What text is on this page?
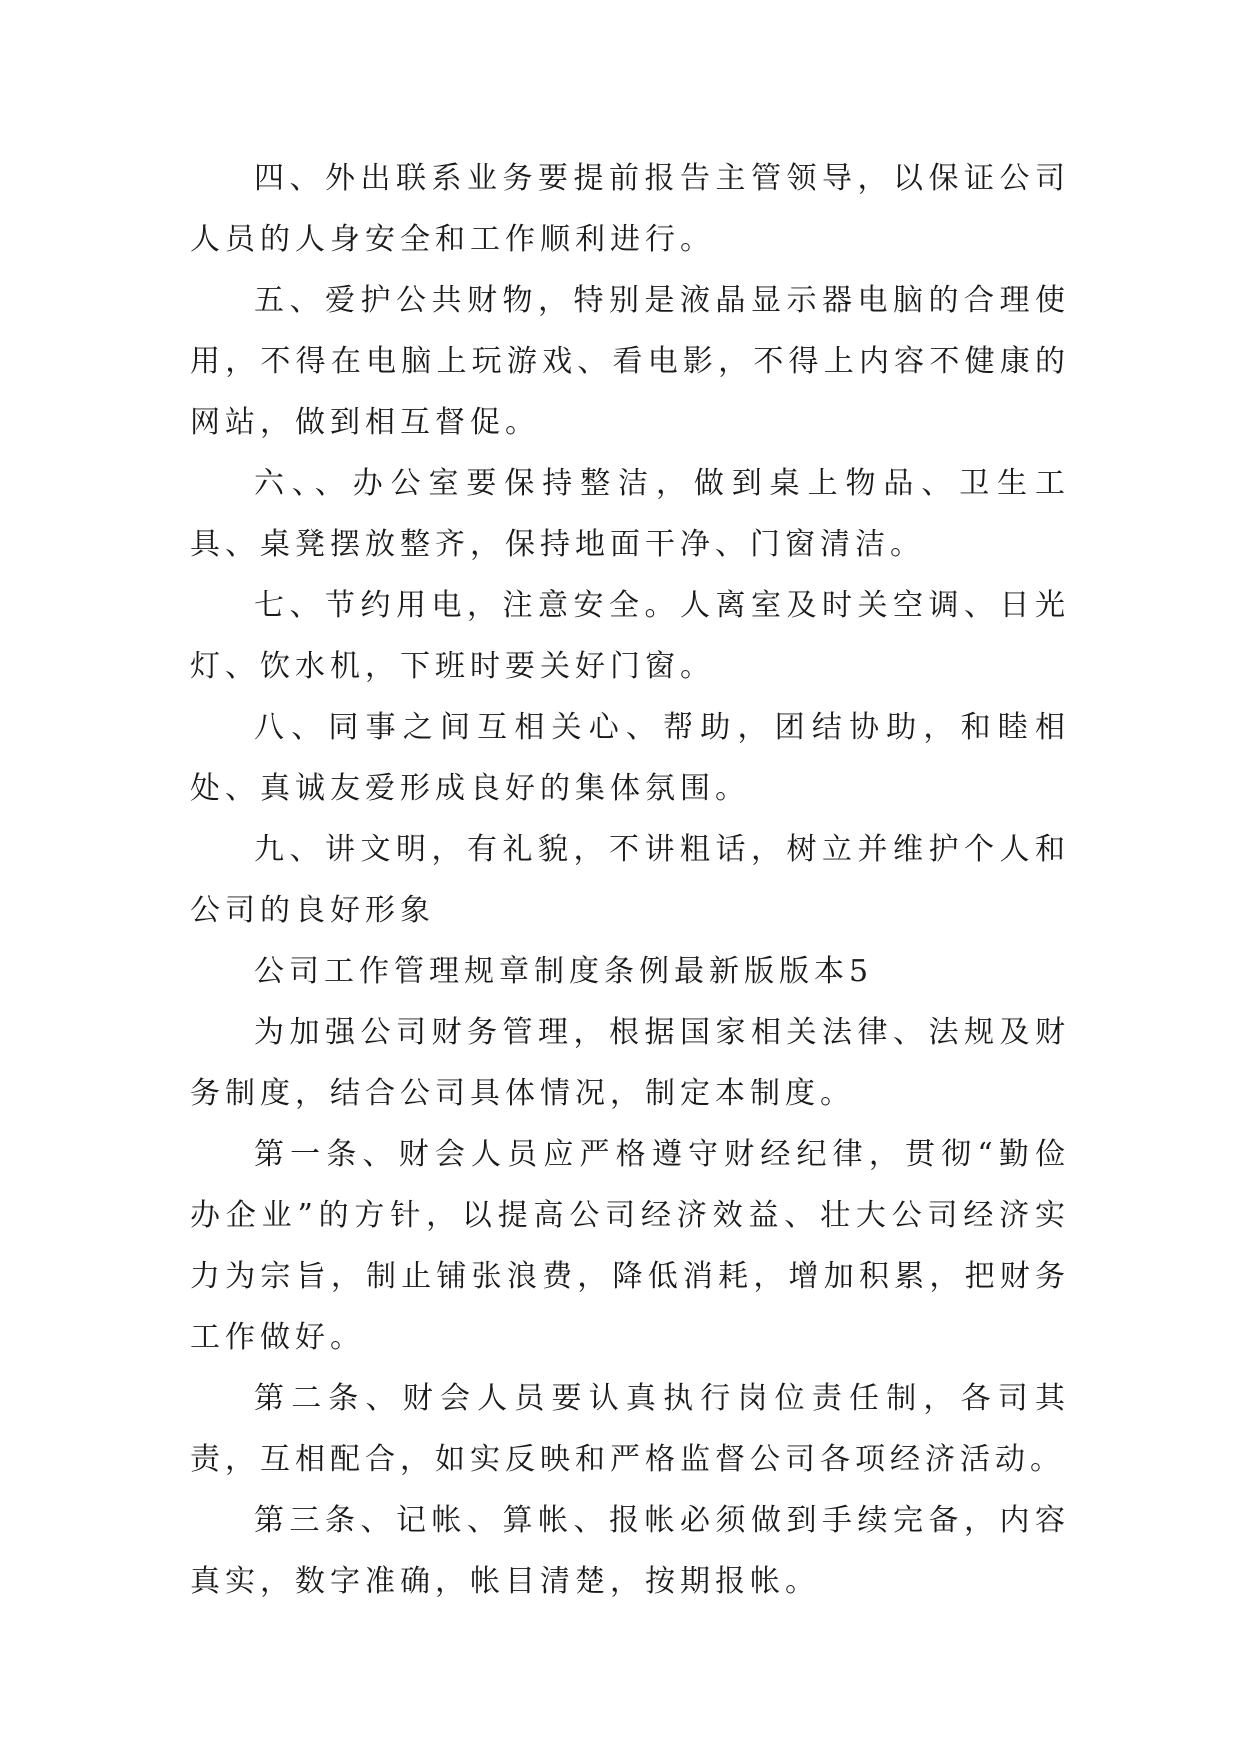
四、外出联系业务要提前报告主管领导，以保证公司人员的人身安全和工作顺利进行。

五、爱护公共财物，特别是液晶显示器电脑的合理使用，不得在电脑上玩游戏、看电影，不得上内容不健康的网站，做到相互督促。

六、、办公室要保持整洁，做到桌上物品、卫生工具、桌凳摆放整齐，保持地面干净、门窗清洁。

七、节约用电，注意安全。人离室及时关空调、日光灯、饮水机，下班时要关好门窗。

八、同事之间互相关心、帮助，团结协助，和睦相处、真诚友爱形成良好的集体氛围。

九、讲文明，有礼貌，不讲粗话，树立并维护个人和公司的良好形象

公司工作管理规章制度条例最新版版本5

为加强公司财务管理，根据国家相关法律、法规及财务制度，结合公司具体情况，制定本制度。

第一条、财会人员应严格遵守财经纪律，贯彻“勤俭办企业”的方针，以提高公司经济效益、壮大公司经济实力为宗旨，制止铺张浪费，降低消耗，增加积累，把财务工作做好。

第二条、财会人员要认真执行岗位责任制，各司其责，互相配合，如实反映和严格监督公司各项经济活动。

第三条、记帐、算帐、报帐必须做到手续完备，内容真实，数字准确，帐目清楚，按期报帐。
